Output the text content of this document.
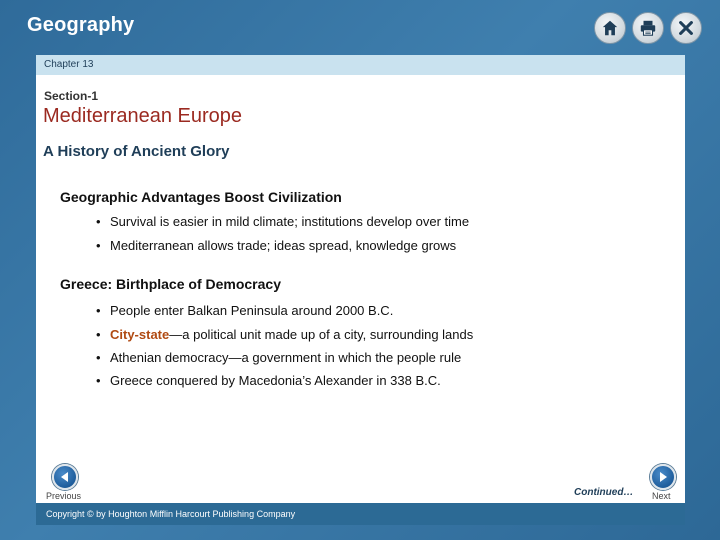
Geography
Chapter 13
Section-1
Mediterranean Europe
A History of Ancient Glory
Geographic Advantages Boost Civilization
• Survival is easier in mild climate; institutions develop over time
• Mediterranean allows trade; ideas spread, knowledge grows
Greece: Birthplace of Democracy
• People enter Balkan Peninsula around 2000 B.C.
• City-state—a political unit made up of a city, surrounding lands
• Athenian democracy—a government in which the people rule
• Greece conquered by Macedonia’s Alexander in 338 B.C.
Previous	Continued… Next
Copyright © by Houghton Mifflin Harcourt Publishing Company
